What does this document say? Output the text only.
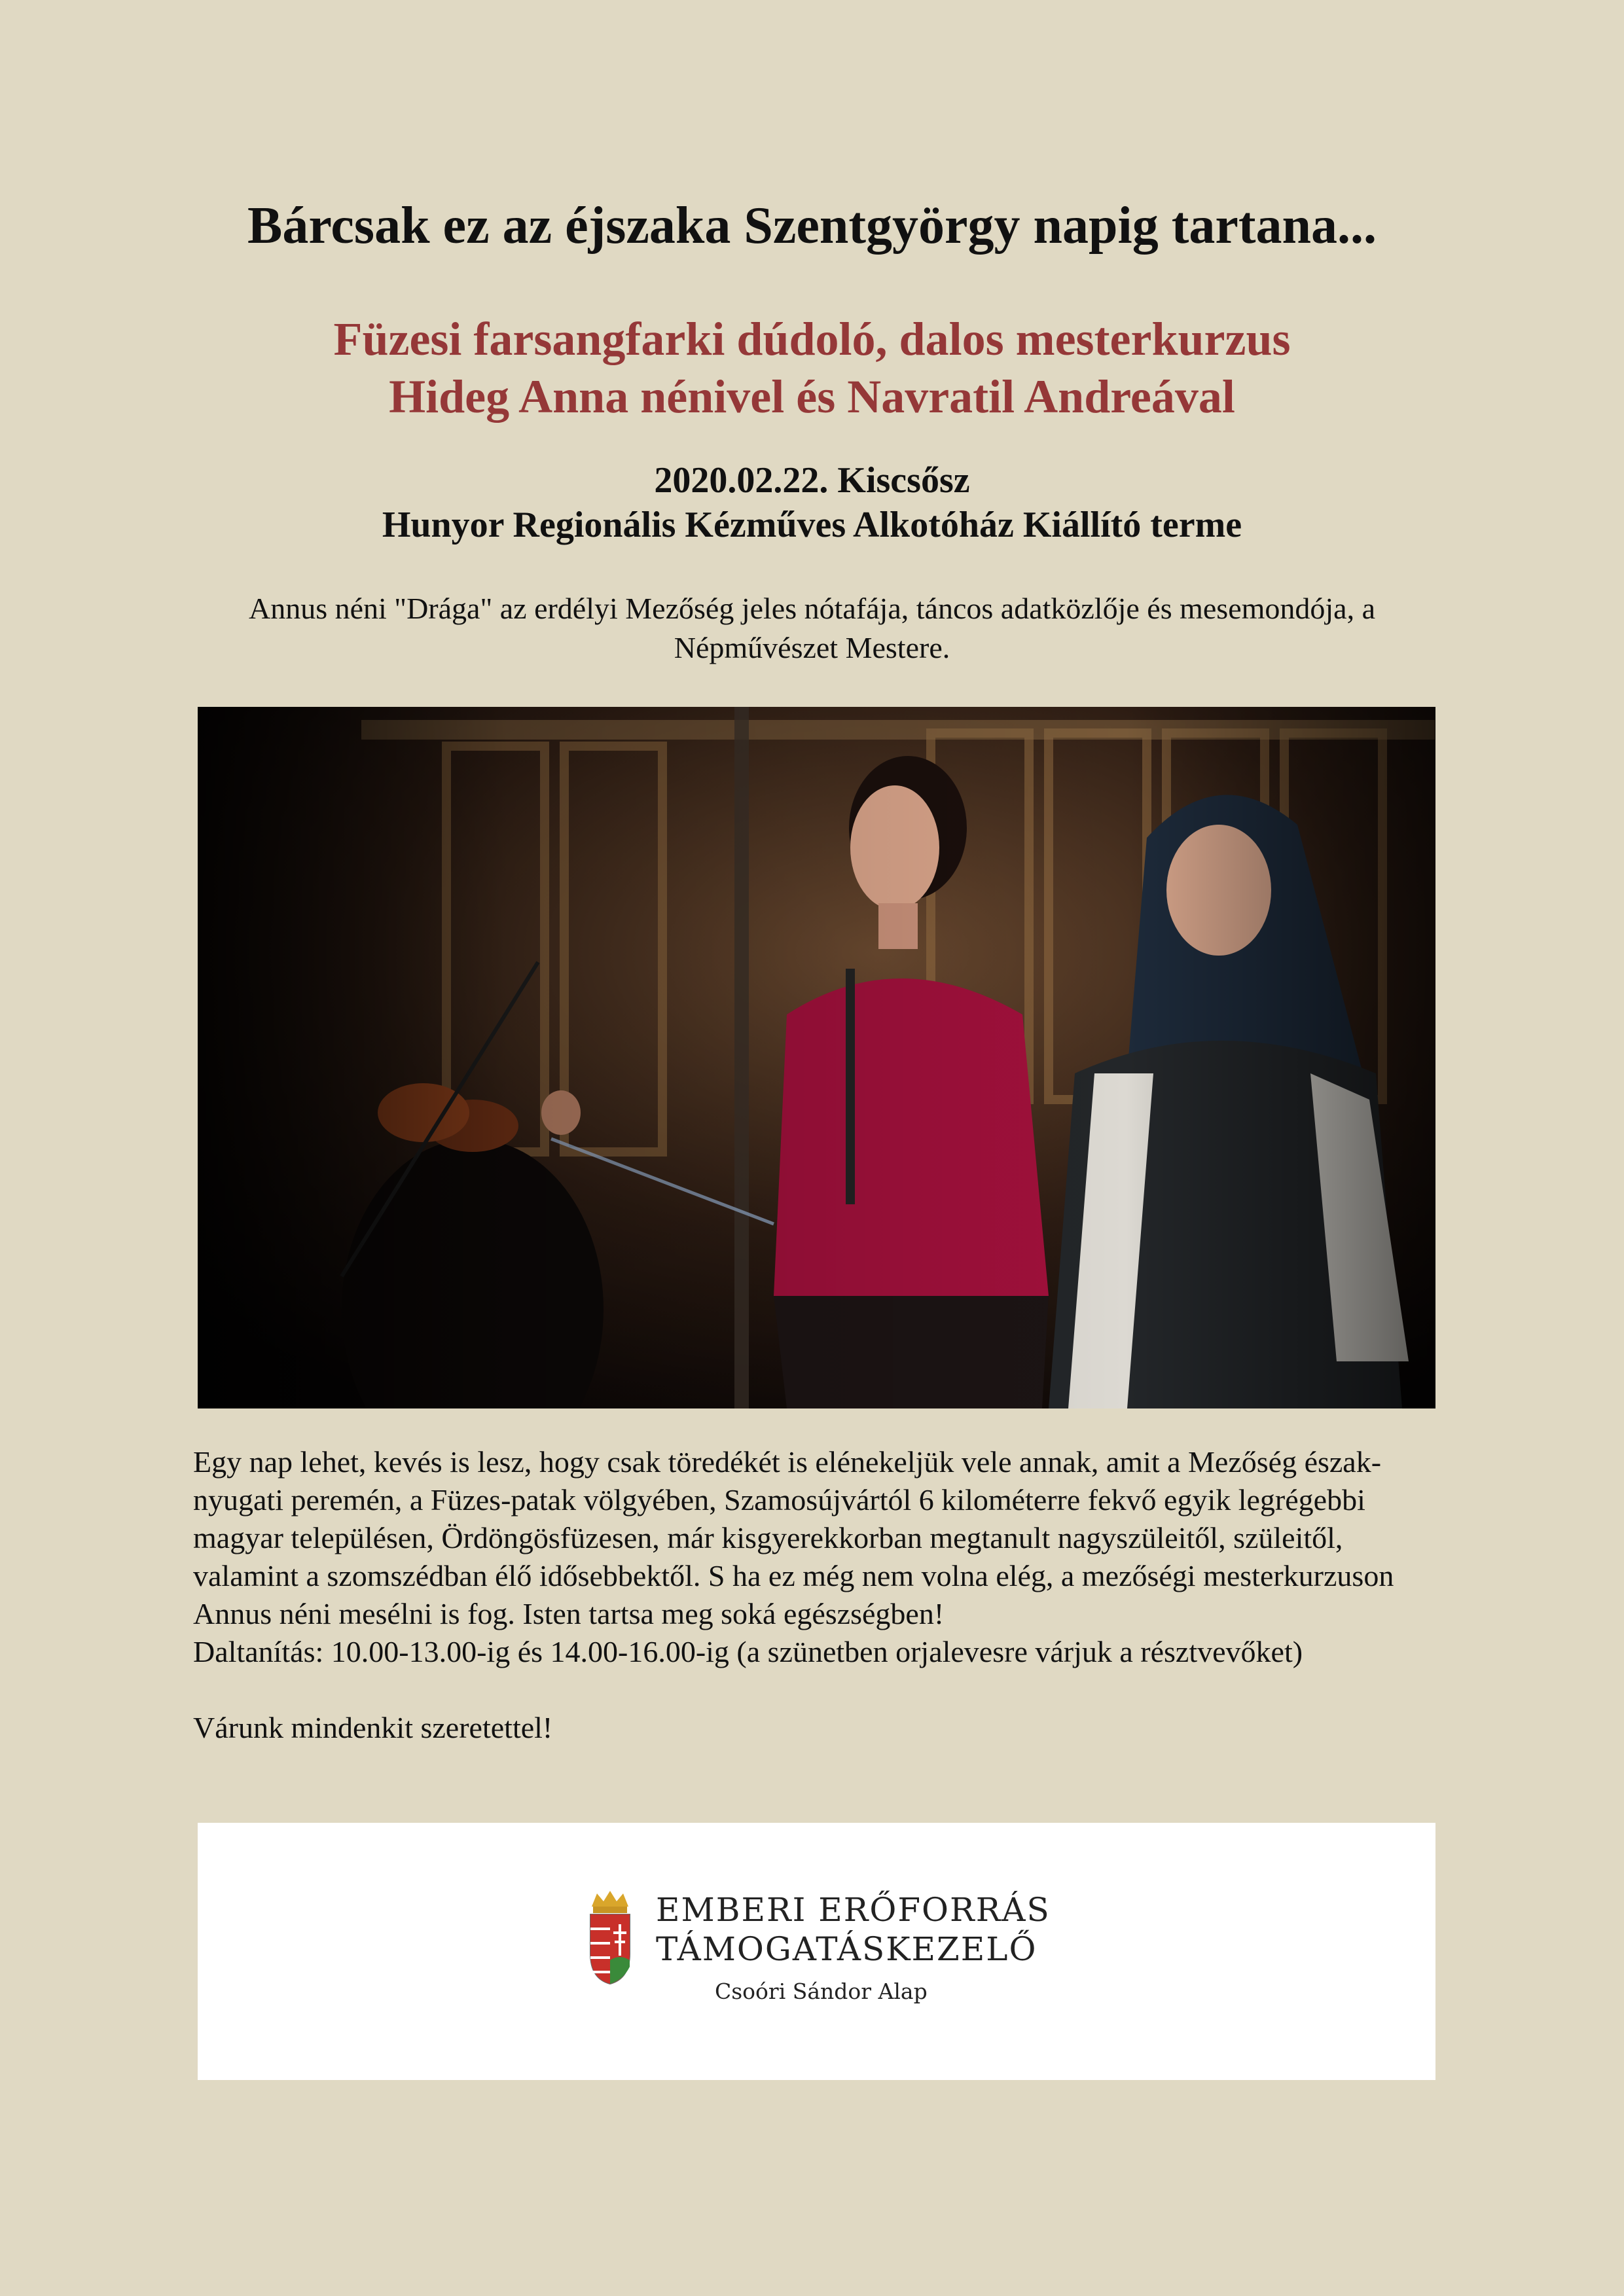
Bárcsak ez az éjszaka Szentgyörgy napig tartana...
Füzesi farsangfarki dúdoló, dalos mesterkurzus
Hideg Anna nénivel és Navratil Andreával
2020.02.22. Kiscsősz
Hunyor Regionális Kézműves Alkotóház Kiállító terme
Annus néni "Drága" az erdélyi Mezőség jeles nótafája, táncos adatközlője és mesemondója, a Népművészet Mestere.

Egy nap lehet, kevés is lesz, hogy csak töredékét is elénekeljük vele annak, amit a Mezőség észak-nyugati peremén, a Füzes-patak völgyében, Szamosújvártól 6 kilométerre fekvő egyik legrégebbi magyar településen, Ördöngösfüzesen, már kisgyerekkorban megtanult nagyszüleitől, szüleitől, valamint a szomszédban élő idősebbektől. S ha ez még nem volna elég, a mezőségi mesterkurzuson Annus néni mesélni is fog. Isten tartsa meg soká egészségben!

Daltanítás: 10.00-13.00-ig és 14.00-16.00-ig (a szünetben orjalevesre várjuk a résztvevőket)

Várunk mindenkit szeretettel!

EMBERI ERŐFORRÁS
TÁMOGATÁSKEZELŐ
Csoóri Sándor Alap
